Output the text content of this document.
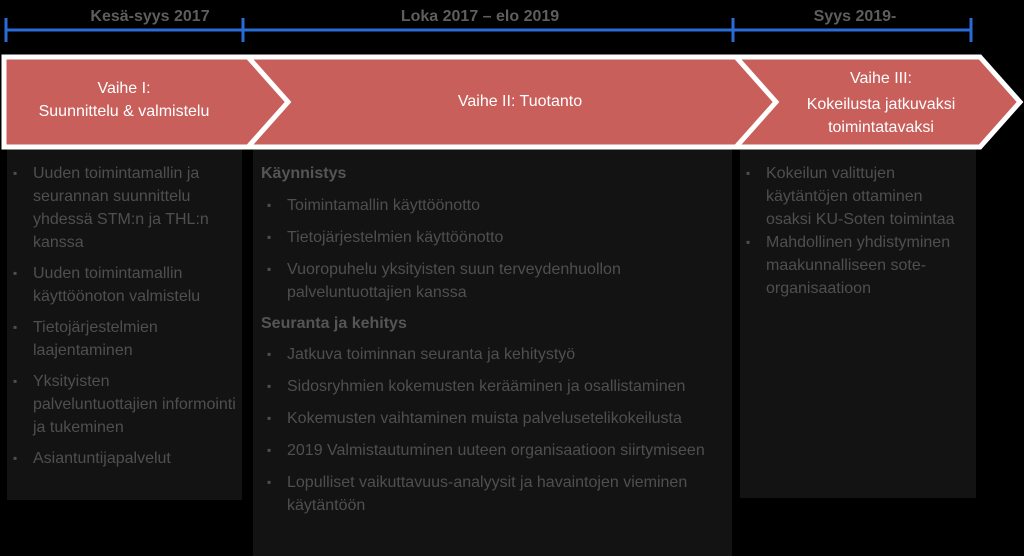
Kesä-syys 2017	Loka 2017 – elo 2019	Syys 2019-
▪ Uuden toimintamallin ja seurannan suunnittelu yhdessä STM:n ja THL:n kanssa
▪ Uuden toimintamallin käyttöönoton valmistelu
▪ Tietojärjestelmien laajentaminen
▪ Yksityisten palveluntuottajien informointi ja tukeminen
▪ Asiantuntijapalvelut
Käynnistys
▪ Toimintamallin käyttöönotto
▪ Tietojärjestelmien käyttöönotto
▪ Vuoropuhelu yksityisten suun terveydenhuollon palveluntuottajien kanssa
Seuranta ja kehitys
▪ Jatkuva toiminnan seuranta ja kehitystyö
▪ Sidosryhmien kokemusten kerääminen ja osallistaminen
▪ Kokemusten vaihtaminen muista palvelusetelikokeilusta
▪ 2019 Valmistautuminen uuteen organisaatioon siirtymiseen
▪ Lopulliset vaikuttavuus-analyysit ja havaintojen vieminen käytäntöön
▪ Kokeilun valittujen käytäntöjen ottaminen osaksi KU-Soten toimintaa
▪ Mahdollinen yhdistyminen maakunnalliseen sote-organisaatioon
Vaihe I:
Suunnittelu & valmistelu
Vaihe II: Tuotanto
Vaihe III:
Kokeilusta jatkuvaksi toimintatavaksi
